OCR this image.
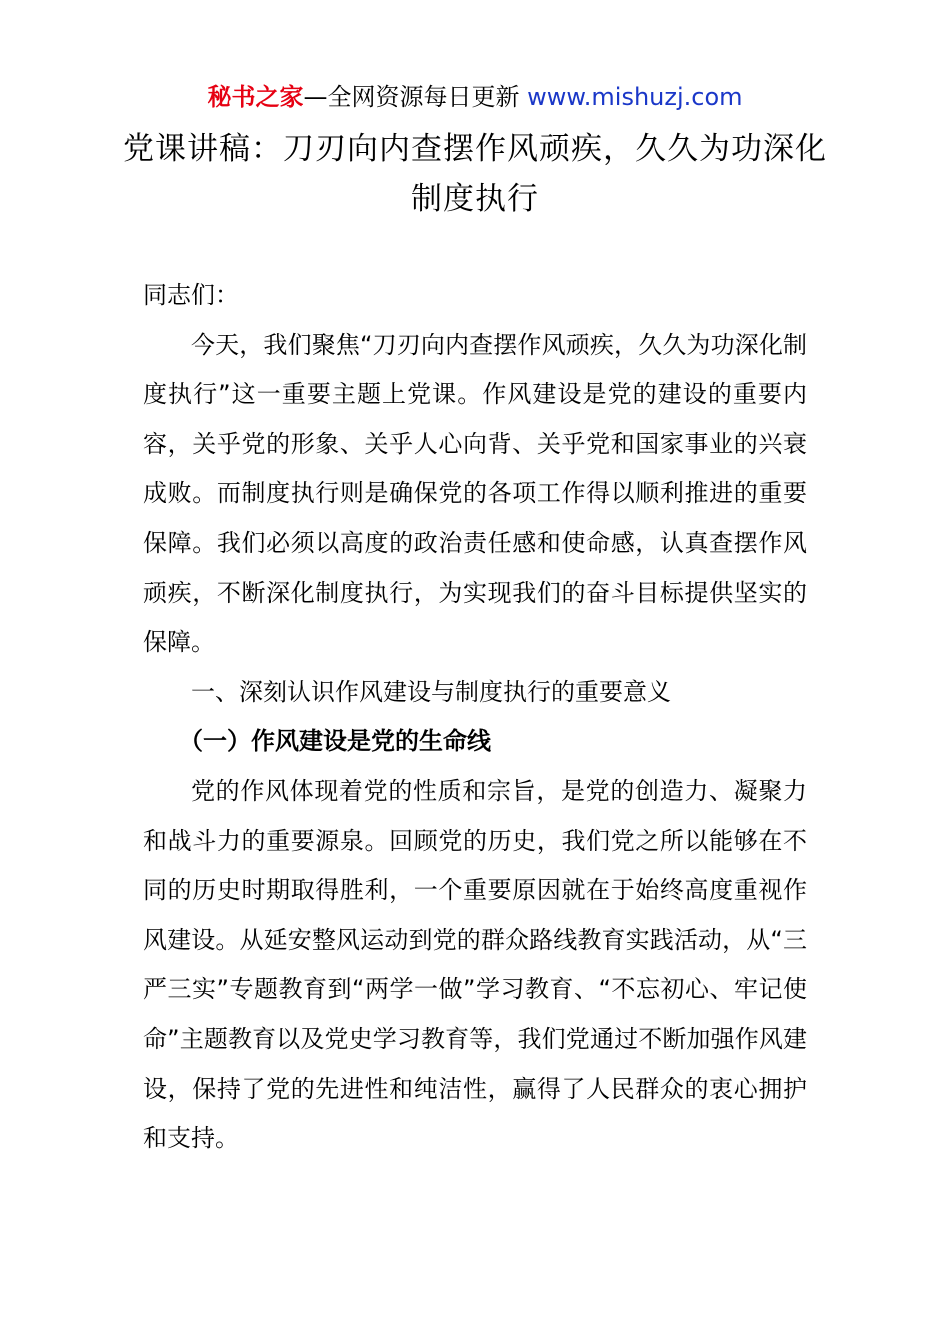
秘书之家—全网资源每日更新 www.mishuzj.com
党课讲稿：刀刃向内查摆作风顽疾，久久为功深化制度执行

同志们：

今天，我们聚焦“刀刃向内查摆作风顽疾，久久为功深化制度执行”这一重要主题上党课。作风建设是党的建设的重要内容，关乎党的形象、关乎人心向背、关乎党和国家事业的兴衰成败。而制度执行则是确保党的各项工作得以顺利推进的重要保障。我们必须以高度的政治责任感和使命感，认真查摆作风顽疾，不断深化制度执行，为实现我们的奋斗目标提供坚实的保障。

一、深刻认识作风建设与制度执行的重要意义

（一）作风建设是党的生命线

党的作风体现着党的性质和宗旨，是党的创造力、凝聚力和战斗力的重要源泉。回顾党的历史，我们党之所以能够在不同的历史时期取得胜利，一个重要原因就在于始终高度重视作风建设。从延安整风运动到党的群众路线教育实践活动，从“三严三实”专题教育到“两学一做”学习教育、“不忘初心、牢记使命”主题教育以及党史学习教育等，我们党通过不断加强作风建设，保持了党的先进性和纯洁性，赢得了人民群众的衷心拥护和支持。
